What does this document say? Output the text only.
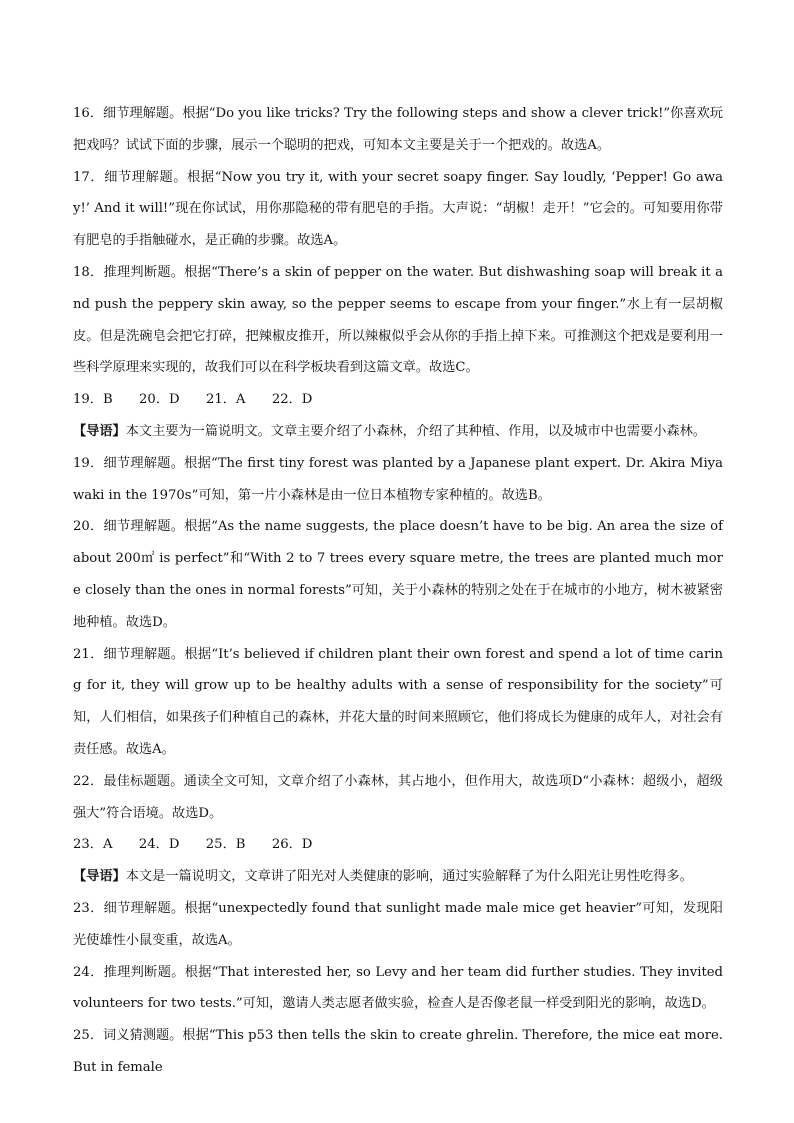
16．细节理解题。根据“Do you like tricks? Try the following steps and show a clever trick!”你喜欢玩把戏吗？试试下面的步骤，展示一个聪明的把戏，可知本文主要是关于一个把戏的。故选A。

17．细节理解题。根据“Now you try it, with your secret soapy finger. Say loudly, ‘Pepper! Go away!’ And it will!”现在你试试，用你那隐秘的带有肥皂的手指。大声说：“胡椒！走开！”它会的。可知要用你带有肥皂的手指触碰水，是正确的步骤。故选A。

18．推理判断题。根据“There’s a skin of pepper on the water. But dishwashing soap will break it and push the peppery skin away, so the pepper seems to escape from your finger.”水上有一层胡椒皮。但是洗碗皂会把它打碎，把辣椒皮推开，所以辣椒似乎会从你的手指上掉下来。可推测这个把戏是要利用一些科学原理来实现的，故我们可以在科学板块看到这篇文章。故选C。

19．B　　20．D　　21．A　　22．D

【导语】本文主要为一篇说明文。文章主要介绍了小森林，介绍了其种植、作用，以及城市中也需要小森林。

19．细节理解题。根据“The first tiny forest was planted by a Japanese plant expert. Dr. Akira Miyawaki in the 1970s”可知，第一片小森林是由一位日本植物专家种植的。故选B。

20．细节理解题。根据“As the name suggests, the place doesn’t have to be big. An area the size of about 200㎡ is perfect”和“With 2 to 7 trees every square metre, the trees are planted much more closely than the ones in normal forests”可知，关于小森林的特别之处在于在城市的小地方，树木被紧密地种植。故选D。

21．细节理解题。根据“It’s believed if children plant their own forest and spend a lot of time caring for it, they will grow up to be healthy adults with a sense of responsibility for the society”可知，人们相信，如果孩子们种植自己的森林，并花大量的时间来照顾它，他们将成长为健康的成年人，对社会有责任感。故选A。

22．最佳标题题。通读全文可知，文章介绍了小森林，其占地小，但作用大，故选项D“小森林：超级小，超级强大”符合语境。故选D。

23．A　　24．D　　25．B　　26．D

【导语】本文是一篇说明文，文章讲了阳光对人类健康的影响，通过实验解释了为什么阳光让男性吃得多。

23．细节理解题。根据“unexpectedly found that sunlight made male mice get heavier”可知，发现阳光使雄性小鼠变重，故选A。

24．推理判断题。根据“That interested her, so Levy and her team did further studies. They invited volunteers for two tests.”可知，邀请人类志愿者做实验，检查人是否像老鼠一样受到阳光的影响，故选D。

25．词义猜测题。根据“This p53 then tells the skin to create ghrelin. Therefore, the mice eat more. But in female
